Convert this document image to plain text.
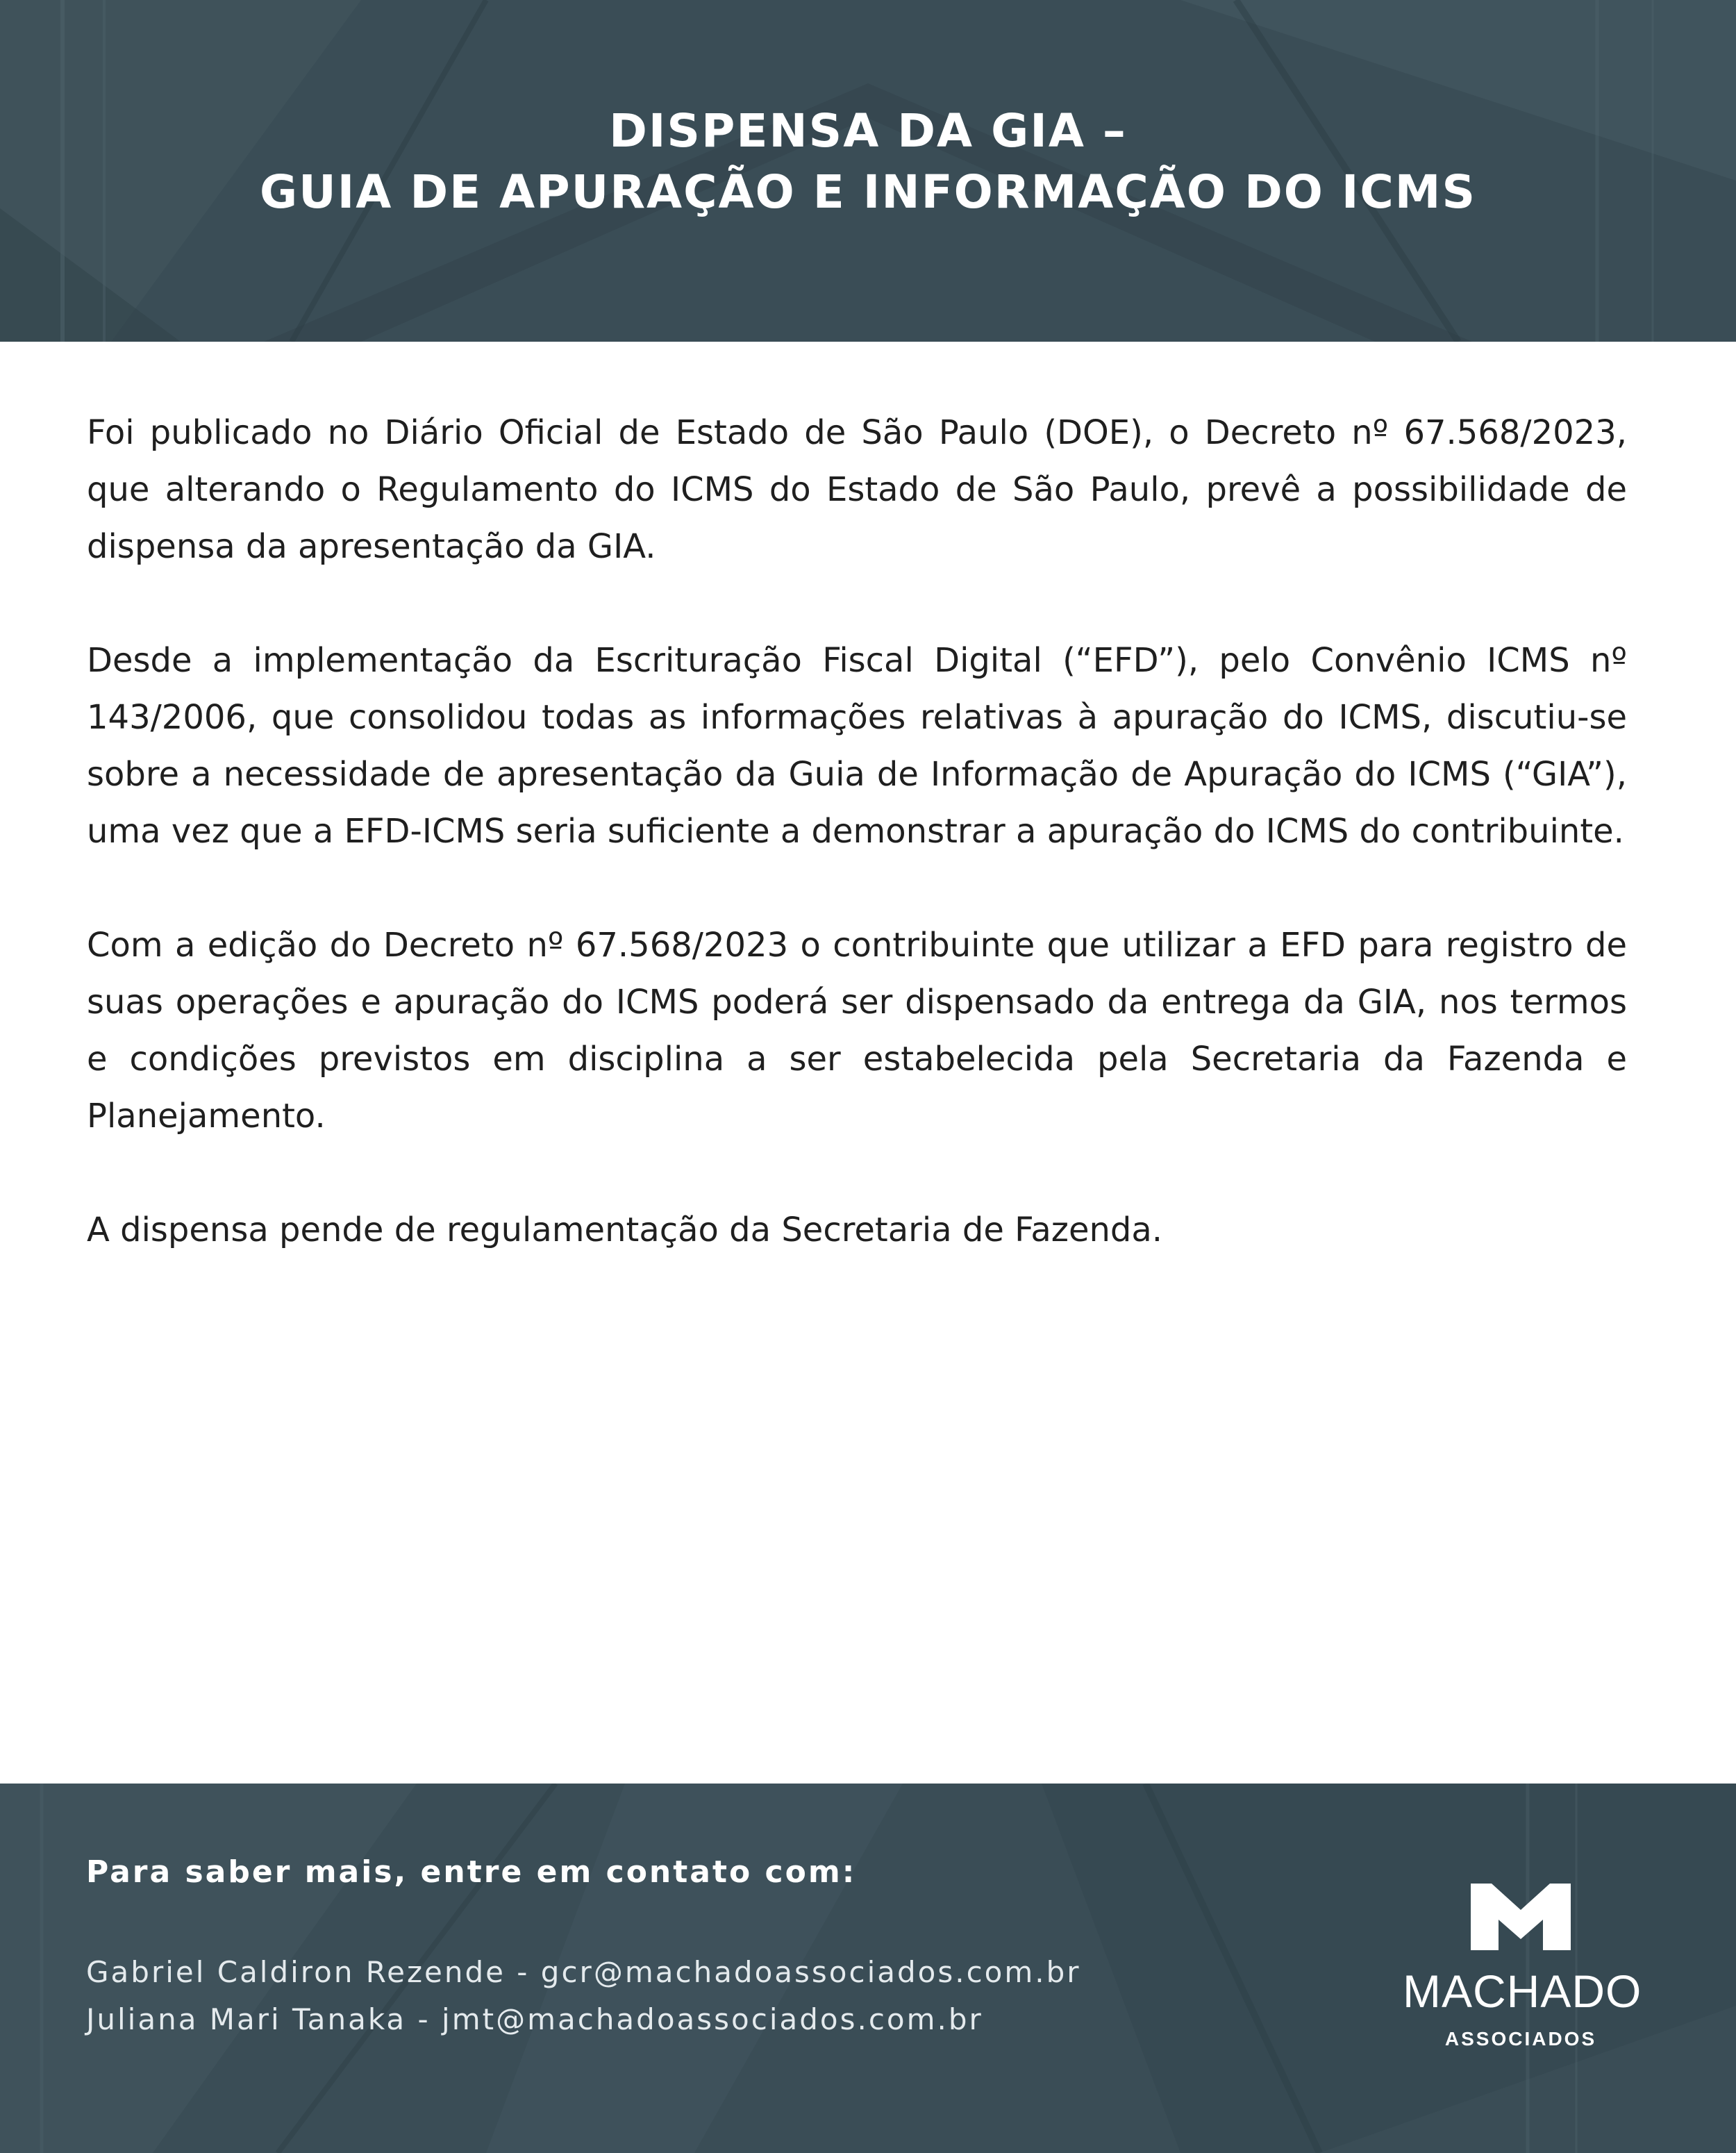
DISPENSA DA GIA –
GUIA DE APURAÇÃO E INFORMAÇÃO DO ICMS

Foi publicado no Diário Oficial de Estado de São Paulo (DOE), o Decreto nº 67.568/2023, que alterando o Regulamento do ICMS do Estado de São Paulo, prevê a possibilidade de dispensa da apresentação da GIA.

Desde a implementação da Escrituração Fiscal Digital (“EFD”), pelo Convênio ICMS nº 143/2006, que consolidou todas as informações relativas à apuração do ICMS, discutiu-se sobre a necessidade de apresentação da Guia de Informação de Apuração do ICMS (“GIA”), uma vez que a EFD-ICMS seria suficiente a demonstrar a apuração do ICMS do contribuinte.

Com a edição do Decreto nº 67.568/2023 o contribuinte que utilizar a EFD para registro de suas operações e apuração do ICMS poderá ser dispensado da entrega da GIA, nos termos e condições previstos em disciplina a ser estabelecida pela Secretaria da Fazenda e Planejamento.

A dispensa pende de regulamentação da Secretaria de Fazenda.

Para saber mais, entre em contato com:

Gabriel Caldiron Rezende - gcr@machadoassociados.com.br

Juliana Mari Tanaka - jmt@machadoassociados.com.br

MACHADO
ASSOCIADOS
